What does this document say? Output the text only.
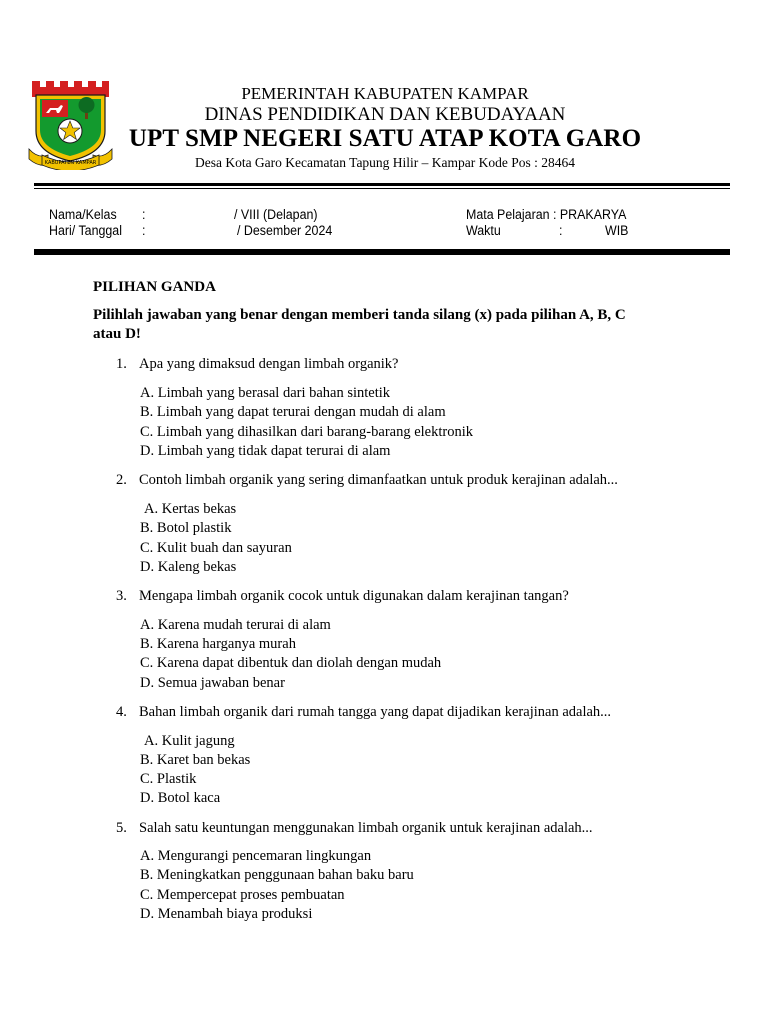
KABUPATEN KAMPAR
PEMERINTAH KABUPATEN KAMPAR
DINAS PENDIDIKAN DAN KEBUDAYAAN
UPT SMP NEGERI SATU ATAP KOTA GARO
Desa Kota Garo Kecamatan Tapung Hilir – Kampar Kode Pos : 28464
Nama/Kelas :	/ VIII (Delapan)	Mata Pelajaran : PRAKARYA
Hari/ Tanggal :	/ Desember 2024	Waktu	:	WIB
PILIHAN GANDA
Pilihlah jawaban yang benar dengan memberi tanda silang (x) pada pilihan A, B, C
atau D!
1. Apa yang dimaksud dengan limbah organik?
A. Limbah yang berasal dari bahan sintetik
B. Limbah yang dapat terurai dengan mudah di alam
C. Limbah yang dihasilkan dari barang-barang elektronik
D. Limbah yang tidak dapat terurai di alam
2. Contoh limbah organik yang sering dimanfaatkan untuk produk kerajinan adalah...
A. Kertas bekas
B. Botol plastik
C. Kulit buah dan sayuran
D. Kaleng bekas
3. Mengapa limbah organik cocok untuk digunakan dalam kerajinan tangan?
A. Karena mudah terurai di alam
B. Karena harganya murah
C. Karena dapat dibentuk dan diolah dengan mudah
D. Semua jawaban benar
4. Bahan limbah organik dari rumah tangga yang dapat dijadikan kerajinan adalah...
A. Kulit jagung
B. Karet ban bekas
C. Plastik
D. Botol kaca
5. Salah satu keuntungan menggunakan limbah organik untuk kerajinan adalah...
A. Mengurangi pencemaran lingkungan
B. Meningkatkan penggunaan bahan baku baru
C. Mempercepat proses pembuatan
D. Menambah biaya produksi
